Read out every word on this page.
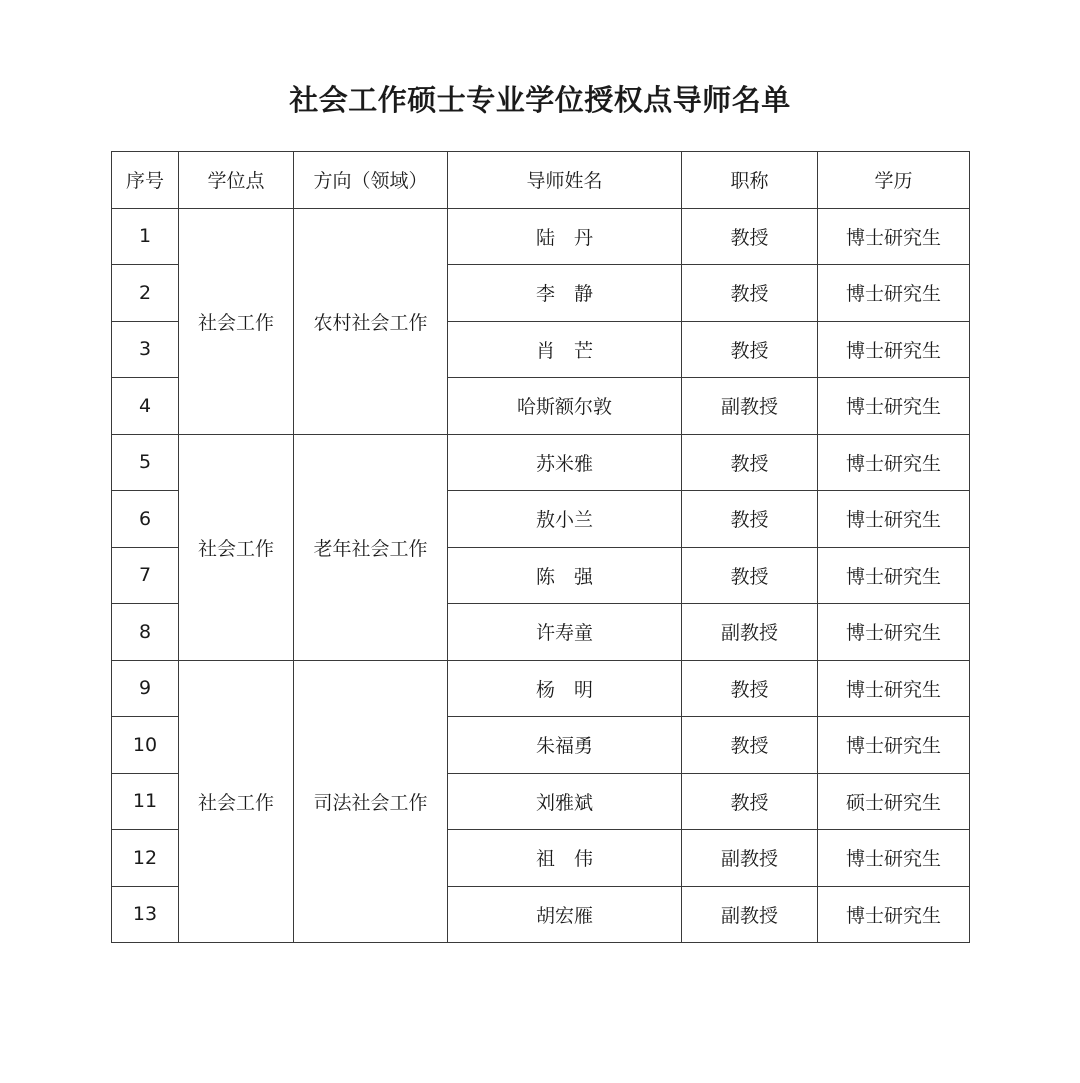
社会工作硕士专业学位授权点导师名单
序号	学位点	方向（领域）	导师姓名	职称	学历
1	社会工作	农村社会工作	陆　丹	教授	博士研究生
2			李　静	教授	博士研究生
3			肖　芒	教授	博士研究生
4			哈斯额尔敦	副教授	博士研究生
5	社会工作	老年社会工作	苏米雅	教授	博士研究生
6			敖小兰	教授	博士研究生
7			陈　强	教授	博士研究生
8			许寿童	副教授	博士研究生
9	社会工作	司法社会工作	杨　明	教授	博士研究生
10			朱福勇	教授	博士研究生
11			刘雅斌	教授	硕士研究生
12			祖　伟	副教授	博士研究生
13			胡宏雁	副教授	博士研究生
